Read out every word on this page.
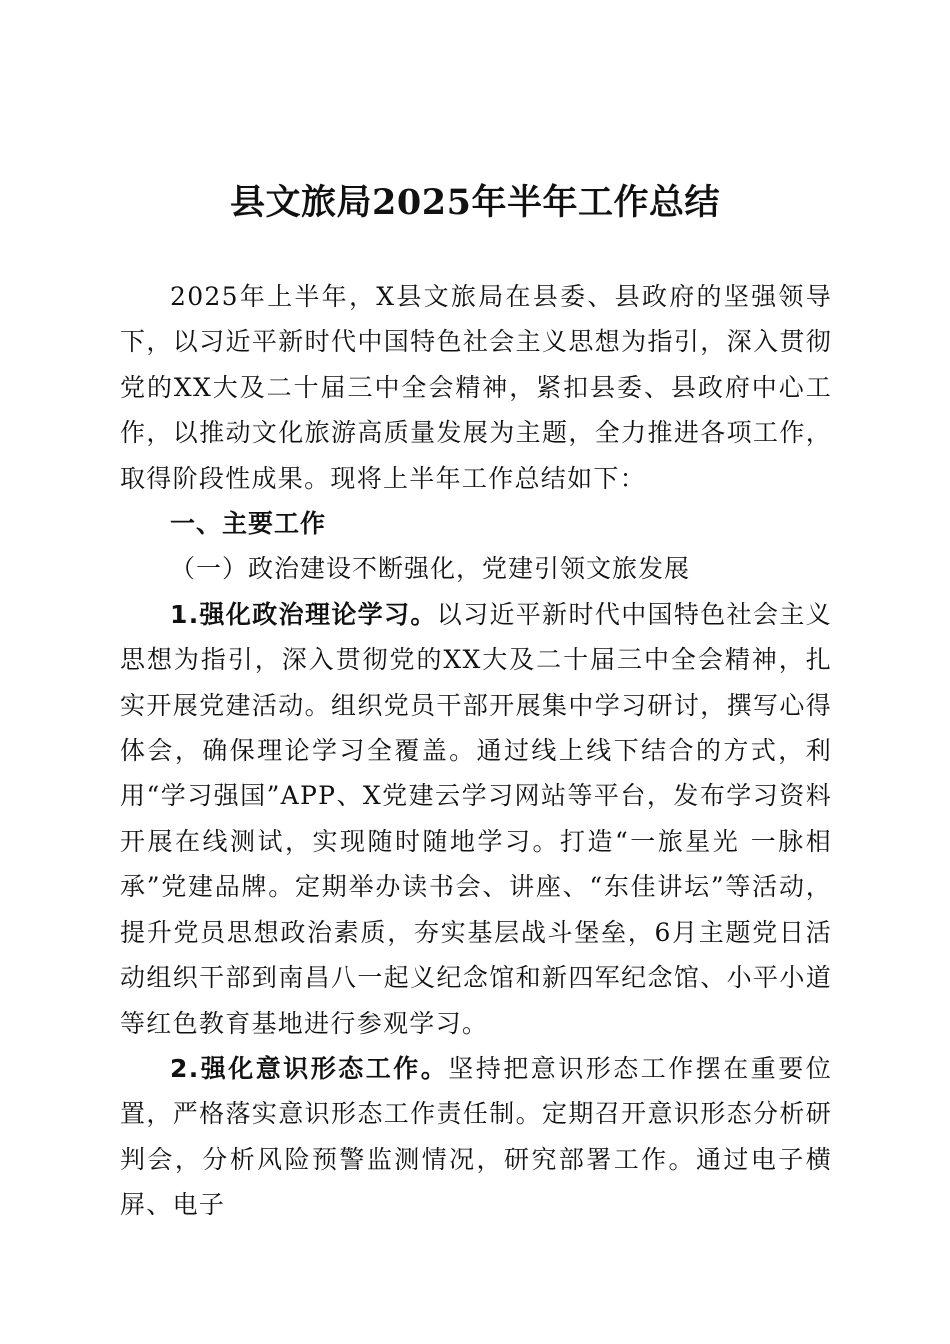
县文旅局2025年半年工作总结

2025年上半年，X县文旅局在县委、县政府的坚强领导下，以习近平新时代中国特色社会主义思想为指引，深入贯彻党的XX大及二十届三中全会精神，紧扣县委、县政府中心工作，以推动文化旅游高质量发展为主题，全力推进各项工作，取得阶段性成果。现将上半年工作总结如下：

一、主要工作

（一）政治建设不断强化，党建引领文旅发展

1.强化政治理论学习。以习近平新时代中国特色社会主义思想为指引，深入贯彻党的XX大及二十届三中全会精神，扎实开展党建活动。组织党员干部开展集中学习研讨，撰写心得体会，确保理论学习全覆盖。通过线上线下结合的方式，利用“学习强国”APP、X党建云学习网站等平台，发布学习资料开展在线测试，实现随时随地学习。打造“一旅星光 一脉相承”党建品牌。定期举办读书会、讲座、“东佳讲坛”等活动，提升党员思想政治素质，夯实基层战斗堡垒，6月主题党日活动组织干部到南昌八一起义纪念馆和新四军纪念馆、小平小道等红色教育基地进行参观学习。

2.强化意识形态工作。坚持把意识形态工作摆在重要位置，严格落实意识形态工作责任制。定期召开意识形态分析研判会，分析风险预警监测情况，研究部署工作。通过电子横屏、电子
